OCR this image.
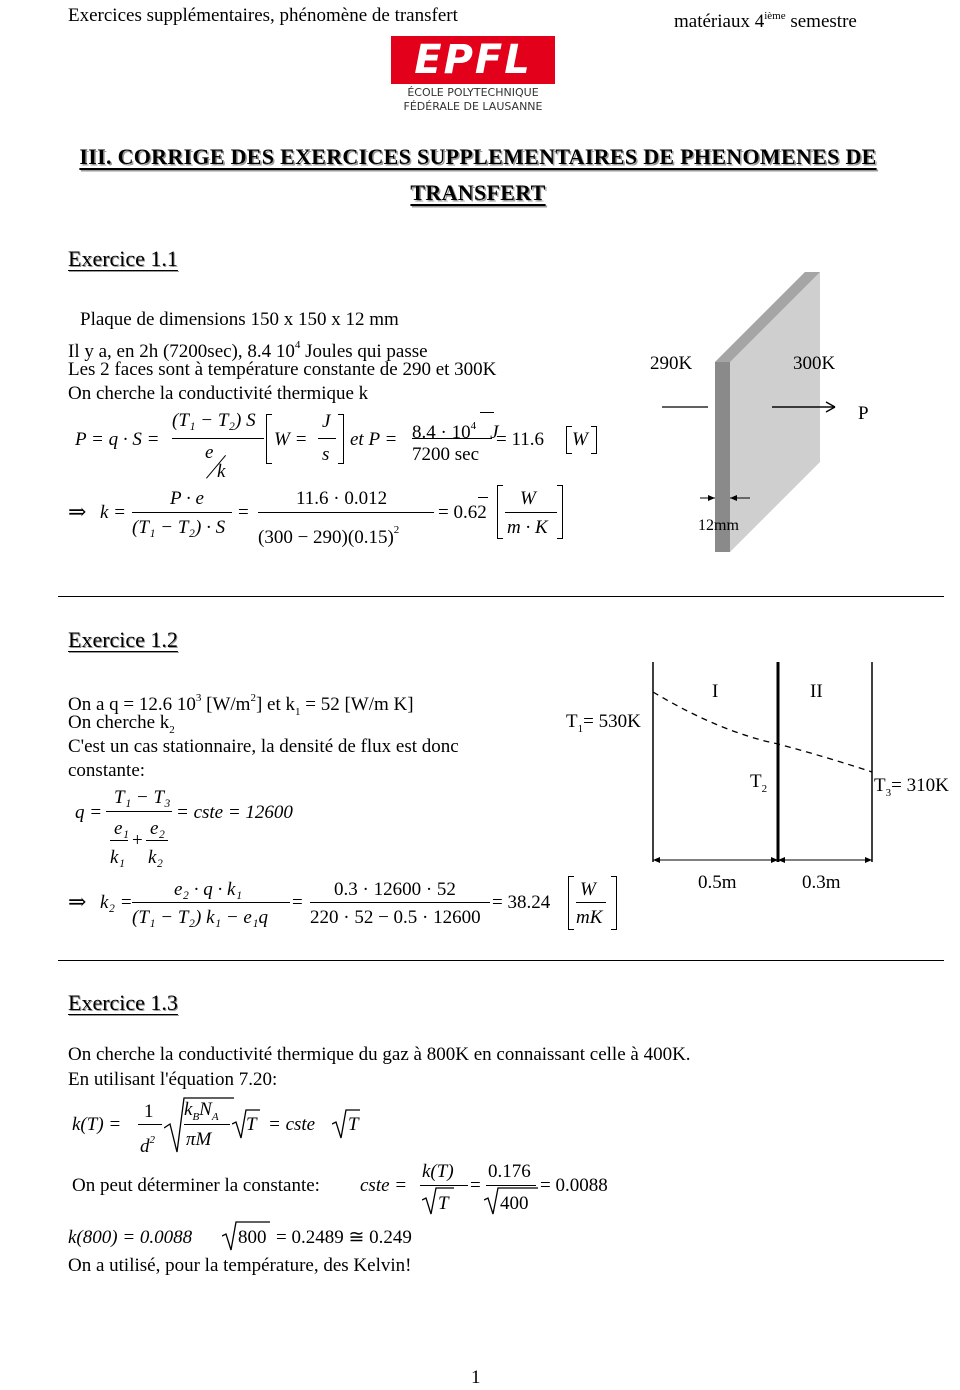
Exercices supplémentaires, phénomène de transfert	matériaux 4ième semestre
EPFL
ÉCOLE POLYTECHNIQUE
FÉDÉRALE DE LAUSANNE
III. CORRIGE DES EXERCICES SUPPLEMENTAIRES DE PHENOMENES DE
TRANSFERT
Exercice 1.1
Plaque de dimensions 150 x 150 x 12 mm
Il y a, en 2h (7200sec), 8.4 $10^4$ Joules qui passe
Les 2 faces sont à température constante de 290 et 300K
On cherche la conductivité thermique k
P = q · S =
(T₁ − T₂) S
e
k
W =
J
s
et $P = 8.4 \cdot 10^4$ J
7200 sec
= 11.6 W
⇒ k =
P · e
(T₁ − T₂) · S
=
11.6 · 0.012
$(300 - 290)(0.15)^2$
= 0.62
W
m · K
290K	300K
P
12mm
Exercice 1.2
On a q = 12.6 $10^3$ $[W/m^2]$ et $k_1 = 52$ [W/m K]
On cherche $k_2$
C'est un cas stationnaire, la densité de flux est donc
constante:
q =
T₁ − T₃
e₁
+
e₂
k₁ k₂
= cste = 12600
⇒ k₂ =
e₂ · q · k₁
(T₁ − T₂) k₁ − e₁q
=
0.3 · 12600 · 52
220 · 52 − 0.5 · 12600
= 38.24
W
mK
I	II
$T_1= 530K$
$T_2$	$T_3= 310K$
0.5m	0.3m
Exercice 1.3
On cherche la conductivité thermique du gaz à 800K en connaissant celle à 400K.
En utilisant l'équation 7.20:
k(T) =
1
$d^2$
$k_BN_A$
πM
T = cste T
On peut déterminer la constante: cste =
k(T)
T
=
0.176
400
= 0.0088
k(800) = 0.0088 800 = 0.2489 ≅ 0.249
On a utilisé, pour la température, des Kelvin!
1
